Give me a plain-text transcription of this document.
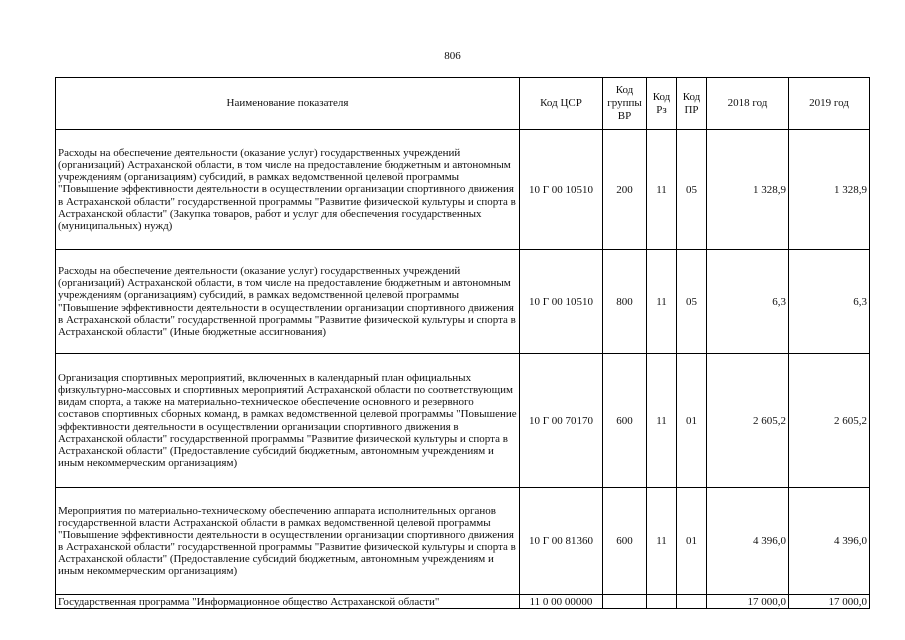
806
Наименование показателя	Код ЦСР	Код группы ВР	Код Рз	Код ПР	2018 год	2019 год
Расходы на обеспечение деятельности (оказание услуг) государственных учреждений (организаций) Астраханской области, в том числе на предоставление бюджетным и автономным учреждениям (организациям) субсидий, в рамках ведомственной целевой программы "Повышение эффективности деятельности в осуществлении организации спортивного движения в Астраханской области" государственной программы "Развитие физической культуры и спорта в Астраханской области" (Закупка товаров, работ и услуг для обеспечения государственных (муниципальных) нужд)	10 Г 00 10510	200	11	05	1 328,9	1 328,9
Расходы на обеспечение деятельности (оказание услуг) государственных учреждений (организаций) Астраханской области, в том числе на предоставление бюджетным и автономным учреждениям (организациям) субсидий, в рамках ведомственной целевой программы "Повышение эффективности деятельности в осуществлении организации спортивного движения в Астраханской области" государственной программы "Развитие физической культуры и спорта в Астраханской области" (Иные бюджетные ассигнования)	10 Г 00 10510	800	11	05	6,3	6,3
Организация спортивных мероприятий, включенных в календарный план официальных физкультурно-массовых и спортивных мероприятий Астраханской области по соответствующим видам спорта, а также на материально-техническое обеспечение основного и резервного составов спортивных сборных команд, в рамках ведомственной целевой программы "Повышение эффективности деятельности в осуществлении организации спортивного движения в Астраханской области" государственной программы "Развитие физической культуры и спорта в Астраханской области" (Предоставление субсидий бюджетным, автономным учреждениям и иным некоммерческим организациям)	10 Г 00 70170	600	11	01	2 605,2	2 605,2
Мероприятия по материально-техническому обеспечению аппарата исполнительных органов государственной власти Астраханской области в рамках ведомственной целевой программы "Повышение эффективности деятельности в осуществлении организации спортивного движения в Астраханской области" государственной программы "Развитие физической культуры и спорта в Астраханской области" (Предоставление субсидий бюджетным, автономным учреждениям и иным некоммерческим организациям)	10 Г 00 81360	600	11	01	4 396,0	4 396,0
Государственная программа "Информационное общество Астраханской области"	11 0 00 00000				17 000,0	17 000,0
